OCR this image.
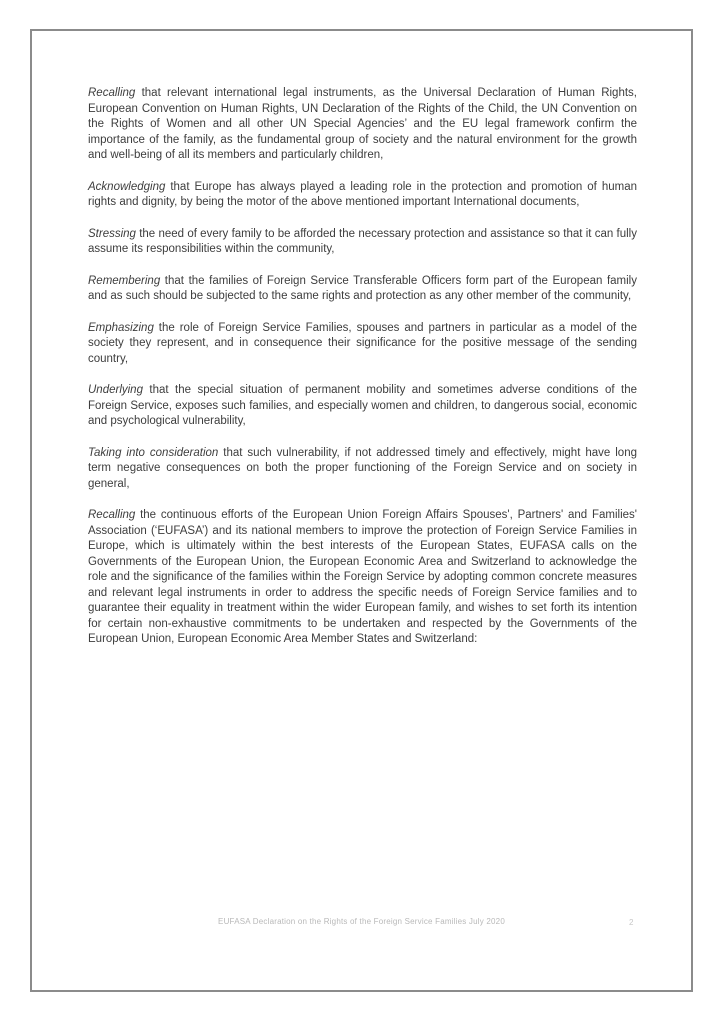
Recalling that relevant international legal instruments, as the Universal Declaration of Human Rights, European Convention on Human Rights, UN Declaration of the Rights of the Child, the UN Convention on the Rights of Women and all other UN Special Agencies’ and the EU legal framework confirm the importance of the family, as the fundamental group of society and the natural environment for the growth and well-being of all its members and particularly children,

Acknowledging that Europe has always played a leading role in the protection and promotion of human rights and dignity, by being the motor of the above mentioned important International documents,

Stressing the need of every family to be afforded the necessary protection and assistance so that it can fully assume its responsibilities within the community,

Remembering that the families of Foreign Service Transferable Officers form part of the European family and as such should be subjected to the same rights and protection as any other member of the community,

Emphasizing the role of Foreign Service Families, spouses and partners in particular as a model of the society they represent, and in consequence their significance for the positive message of the sending country,

Underlying that the special situation of permanent mobility and sometimes adverse conditions of the Foreign Service, exposes such families, and especially women and children, to dangerous social, economic and psychological vulnerability,

Taking into consideration that such vulnerability, if not addressed timely and effectively, might have long term negative consequences on both the proper functioning of the Foreign Service and on society in general,

Recalling the continuous efforts of the European Union Foreign Affairs Spouses', Partners' and Families' Association (‘EUFASA’) and its national members to improve the protection of Foreign Service Families in Europe, which is ultimately within the best interests of the European States, EUFASA calls on the Governments of the European Union, the European Economic Area and Switzerland to acknowledge the role and the significance of the families within the Foreign Service by adopting common concrete measures and relevant legal instruments in order to address the specific needs of Foreign Service families and to guarantee their equality in treatment within the wider European family, and wishes to set forth its intention for certain non-exhaustive commitments to be undertaken and respected by the Governments of the European Union, European Economic Area Member States and Switzerland:

EUFASA Declaration on the Rights of the Foreign Service Families July 2020	2
